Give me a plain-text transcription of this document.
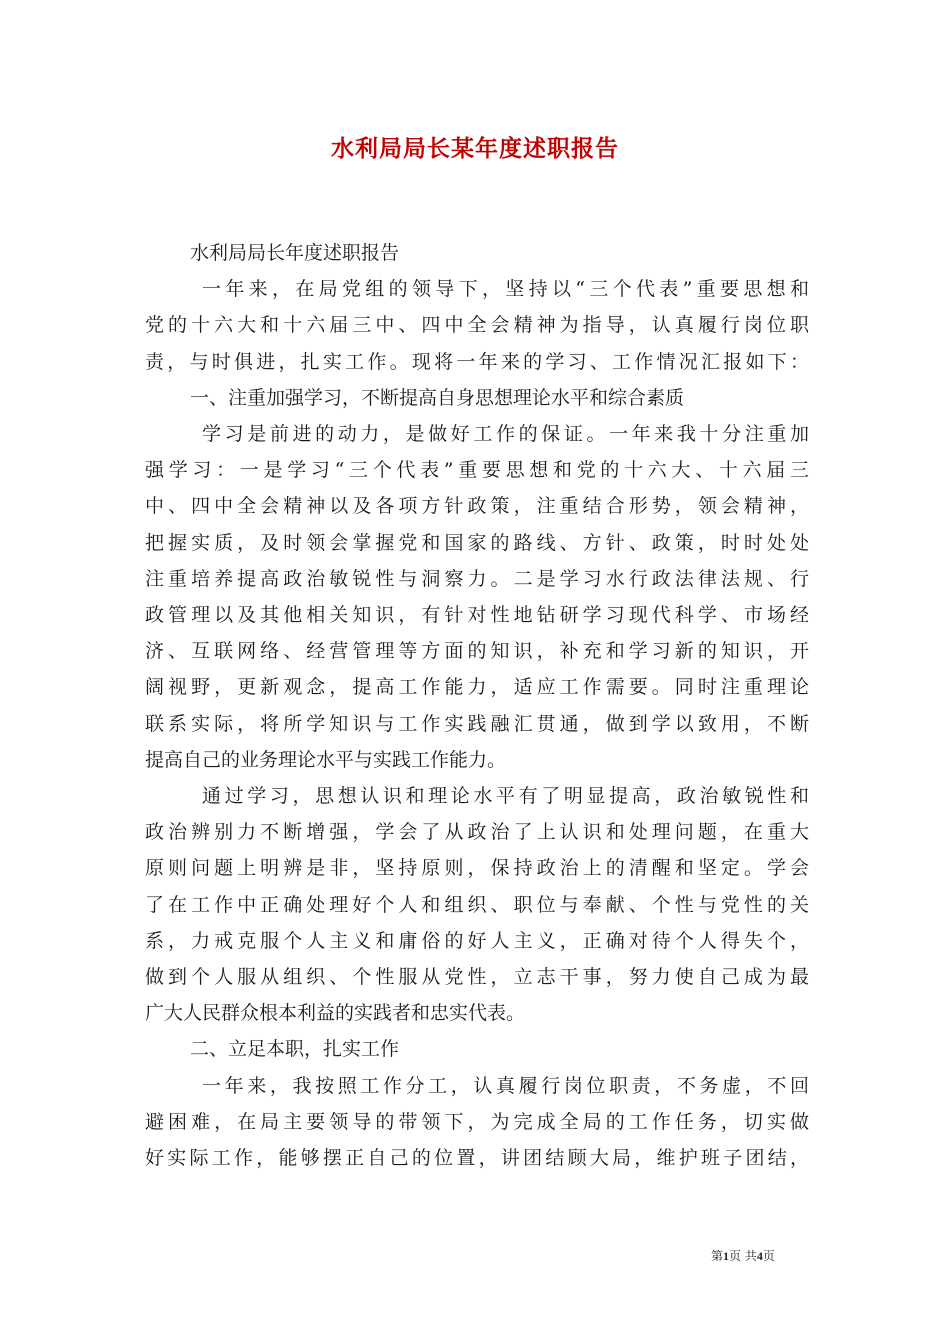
水利局局长某年度述职报告
水利局局长年度述职报告
一年来，在局党组的领导下，坚持以“三个代表”重要思想和
党的十六大和十六届三中、四中全会精神为指导，认真履行岗位职
责，与时俱进，扎实工作。现将一年来的学习、工作情况汇报如下：
一、注重加强学习，不断提高自身思想理论水平和综合素质
学习是前进的动力，是做好工作的保证。一年来我十分注重加
强学习：一是学习“三个代表”重要思想和党的十六大、十六届三
中、四中全会精神以及各项方针政策，注重结合形势，领会精神，
把握实质，及时领会掌握党和国家的路线、方针、政策，时时处处
注重培养提高政治敏锐性与洞察力。二是学习水行政法律法规、行
政管理以及其他相关知识，有针对性地钻研学习现代科学、市场经
济、互联网络、经营管理等方面的知识，补充和学习新的知识，开
阔视野，更新观念，提高工作能力，适应工作需要。同时注重理论
联系实际，将所学知识与工作实践融汇贯通，做到学以致用，不断
提高自己的业务理论水平与实践工作能力。
通过学习，思想认识和理论水平有了明显提高，政治敏锐性和
政治辨别力不断增强，学会了从政治了上认识和处理问题，在重大
原则问题上明辨是非，坚持原则，保持政治上的清醒和坚定。学会
了在工作中正确处理好个人和组织、职位与奉献、个性与党性的关
系，力戒克服个人主义和庸俗的好人主义，正确对待个人得失个，
做到个人服从组织、个性服从党性，立志干事，努力使自己成为最
广大人民群众根本利益的实践者和忠实代表。
二、立足本职，扎实工作
一年来，我按照工作分工，认真履行岗位职责，不务虚，不回
避困难，在局主要领导的带领下，为完成全局的工作任务，切实做
好实际工作，能够摆正自己的位置，讲团结顾大局，维护班子团结，
第1页 共4页
